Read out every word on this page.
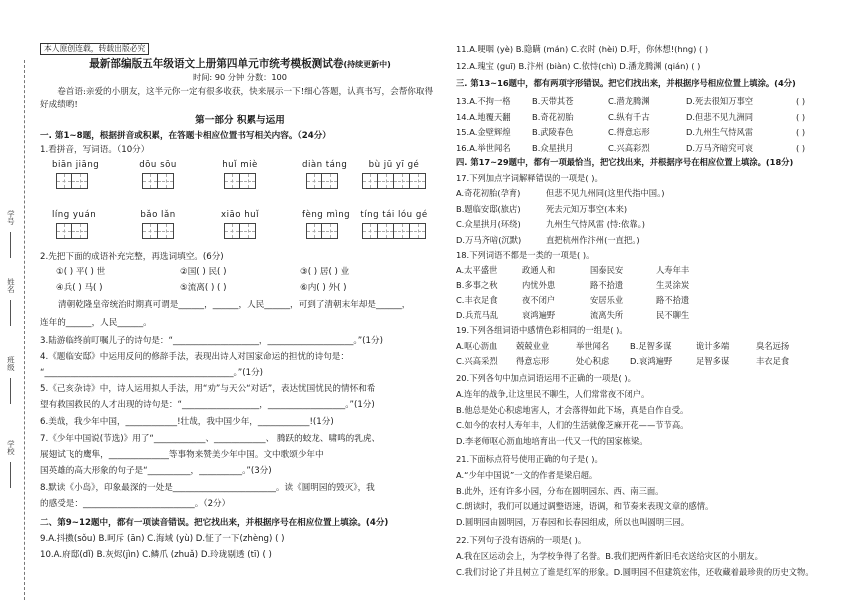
学号
姓名
班级
学校
本人原创连载，转载出版必究
最新部编版五年级语文上册第四单元市统考模板测试卷(持续更新中)
时间: 90 分钟 分数：100
卷首语:亲爱的小朋友，这半元你一定有很多收获，快来展示一下!细心答题，认真书写，会帮你取得好成绩哟!
第一部分 积累与运用
一. 第1~8题，根据拼音或积累，在答题卡相应位置书写相关内容。（24分）
1.看拼音，写词语。（10分）
biān jiāng	dōu sōu	huǐ miè	diàn táng	bù jū yī gé
líng yuán	bǎo lǎn	xiāo huǐ	fèng mìng tíng tái lóu gé
2.先把下面的成语补充完整，再选词填空。(6分)
①( ) 平( ) 世	②国( ) 民( )	③( ) 居( ) 业
④兵( ) 马( )	⑤流离( ) ( )	⑥内( ) 外( )
清朝乾隆皇帝统治时期真可谓是______，______，人民______，可到了清朝末年却是______，
连年的______，人民______。
3.陆游临终前叮嘱儿子的诗句是：“____________________，____________________。”(1分)
4.《题临安邸》中运用反问的修辞手法，表现出诗人对国家命运的担忧的诗句是：
“____________________________________________。”(1分)
5.《己亥杂诗》中，诗人运用拟人手法，用“劝”与天公“对话”，表达忧国忧民的情怀和希
望有救国救民的人才出现的诗句是：“__________________，__________________。”(1分)
6.美哉，我少年中国，____________!壮哉，我中国少年，____________!(1分)
7.《少年中国说(节选)》用了“____________、____________、 腾跃的蛟龙、啸鸣的乳虎、
展翅试飞的鹰隼，______________等事物来赞美少年中国。文中歌颂少年中
国英雄的高大形象的句子是“__________，__________。”(3分)
8.默读《小岛》，印象最深的一处是________________________。读《圆明园的毁灭》，我
的感受是：__________________________。（2分）
二、第9~12题中，都有一项读音错误。把它找出来，并根据序号在相应位置上填涂。(4分)
9.A.抖擞(sǒu) B.呵斥 (ān) C.海域 (yù) D.怔了一下(zhèng) ( )
10.A.府邸(dǐ) B.灰烬(jìn) C.鳞爪 (zhuǎ) D.玲珑剔透 (tī) ( )
11.A.哽咽 (yè) B.隐瞒 (mán) C.衣时 (hèi) D.吁，你休想!(hng) ( )
12.A.瑰宝 (guī) B.汴州 (biàn) C.依恃(chì) D.潘龙腾渊 (qián) ( )
三. 第13~16题中，都有两项字形错误。把它们找出来，并根据序号相应位置上填涂。(4分)
13.A.不拘一格	B.天带其苍	C.潜龙腾渊	D.死去很知万事空	( )
14.A.地覆天翻	B.奇花初胎	C.纵有千古	D.但悲不见九洲同	( )
15.A.金壁辉煌	B.武陵春色	C.得意忘形	D.九州生气恃风雷	( )
16.A.举世闻名	B.众星拱月	C.兴高彩烈	D.万马齐暗究可哀	( )
四. 第17~29题中，都有一项最恰当，把它找出来，并根据序号在相应位置上填涂。(18分)
17.下列加点字词解释错误的一项是( )。
A.奇花初胎(孕育)	但悲不见九州同(这里代指中国。)
B.题临安邸(旅店)	死去元知万事空(本来)
C.众星拱月(环绕)	九州生气恃风雷 (恃:依靠。)
D.万马齐喑(沉默)	直把杭州作汴州(一直把。)
18.下列词语不都是一类的一项是( )。
A.太平盛世	政通人和	国泰民安	人寿年丰
B.多事之秋	内忧外患	路不拾遗	生灵涂炭
C.丰衣足食	夜不闭户	安居乐业	路不拾遗
D.兵荒马乱	哀鸿遍野	流离失所	民不聊生
19.下列各组词语中感情色彩相同的一组是( )。
A.呕心沥血 兢兢业业	举世闻名	B.足智多谋	诡计多端	臭名远扬
C.兴高采烈 得意忘形	处心积虑	D.哀鸿遍野	足智多谋	丰衣足食
20.下列各句中加点词语运用不正确的一项是( )。
A.连年的战争,让这里民不聊生，人们常常夜不闭户。
B.他总是处心积虑地害人，才会落得如此下场，真是自作自受。
C.如今的农村人寿年丰，人们的生活就像芝麻开花——节节高。
D.李老师呕心沥血地培育出一代又一代的国家栋梁。
21.下面标点符号使用正确的句子是( )。
A.“少年中国说”一文的作者是梁启超。
B.此外，还有许多小园，分布在圆明园东、西、南三面。
C.朗读时，我们可以通过调整语速，语调，和节奏来表现文章的感情。
D.圆明园由圆明园，万春园和长春园组成，所以也叫圆明三园。
22.下列句子没有语病的一项是( )。
A.我在区运动会上，为学校争得了名誉。B.我们把两件新旧毛衣送给灾区的小朋友。
C.我们讨论了并且树立了谁是红军的形象。D.圆明园不但建筑宏伟，还收藏着最珍贵的历史文物。
